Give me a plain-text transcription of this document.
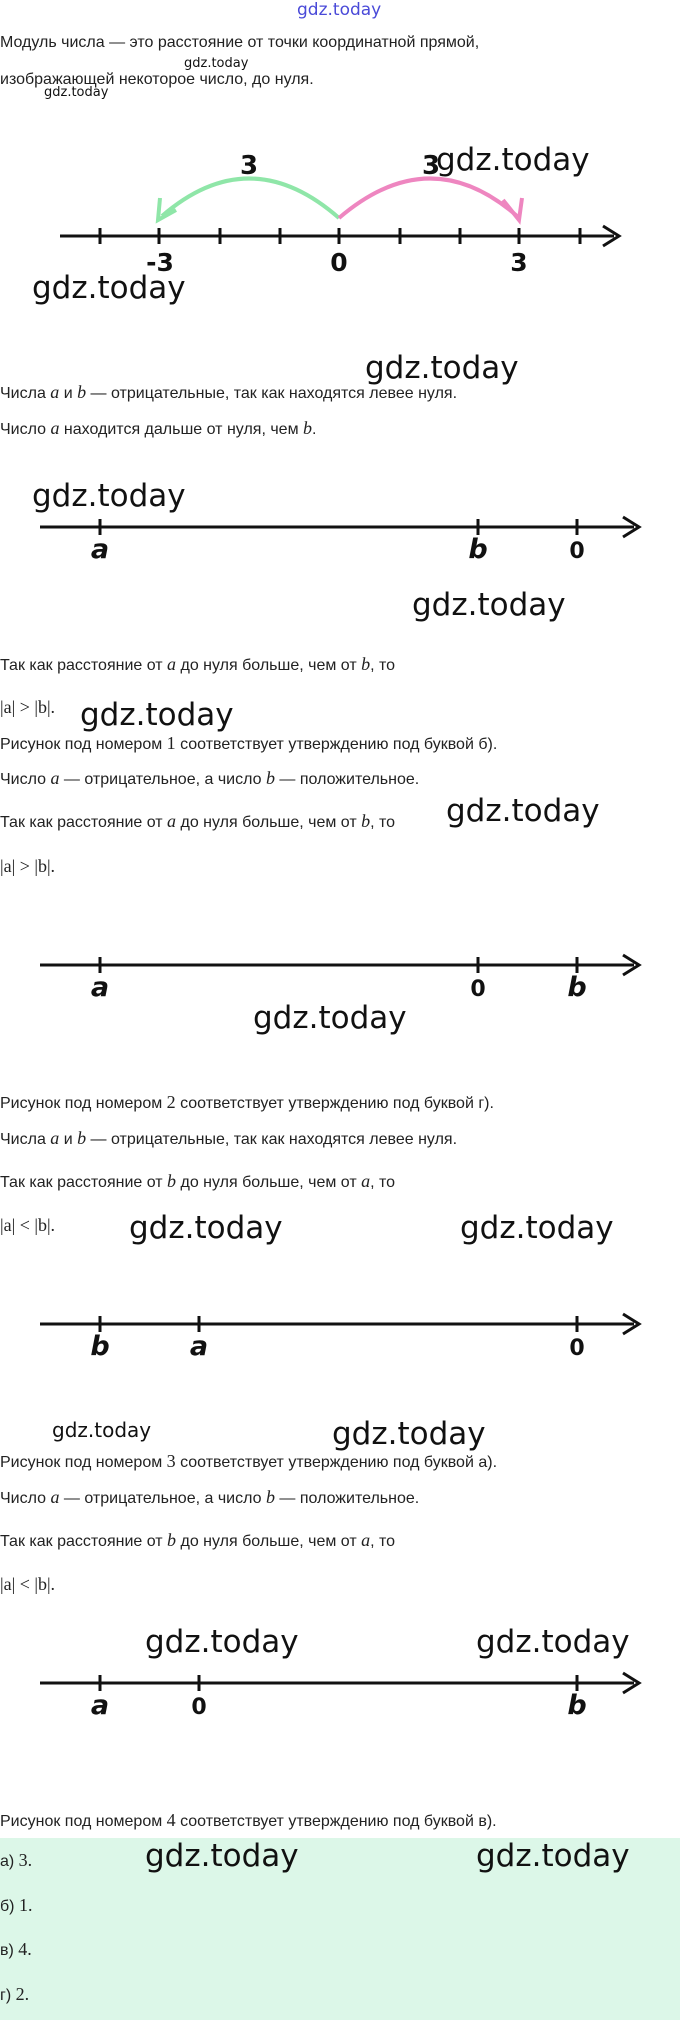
gdz.today
Модуль числа — это расстояние от точки координатной прямой,
изображающей некоторое число, до нуля.
gdz.today
gdz.today
3	3
-3	0	3
gdz.today
gdz.today
gdz.today
Числа a и b — отрицательные, так как находятся левее нуля.
Число a находится дальше от нуля, чем b.
gdz.today
a	b	0
gdz.today
Так как расстояние от a до нуля больше, чем от b, то
|a| > |b|. gdz.today
Рисунок под номером 1 соответствует утверждению под буквой б).
Число a — отрицательное, а число b — положительное.
Так как расстояние от a до нуля больше, чем от b, то gdz.today
|a| > |b|.
a	0	b
gdz.today
Рисунок под номером 2 соответствует утверждению под буквой г).
Числа a и b — отрицательные, так как находятся левее нуля.
Так как расстояние от b до нуля больше, чем от a, то
|a| < |b|. gdz.today	gdz.today
b	a	0
gdz.today	gdz.today
Рисунок под номером 3 соответствует утверждению под буквой а).
Число a — отрицательное, а число b — положительное.
Так как расстояние от b до нуля больше, чем от a, то
|a| < |b|.
gdz.today	gdz.today
a	0	b
Рисунок под номером 4 соответствует утверждению под буквой в).
а) 3.
б) 1.
в) 4.
г) 2.
gdz.today	gdz.today
